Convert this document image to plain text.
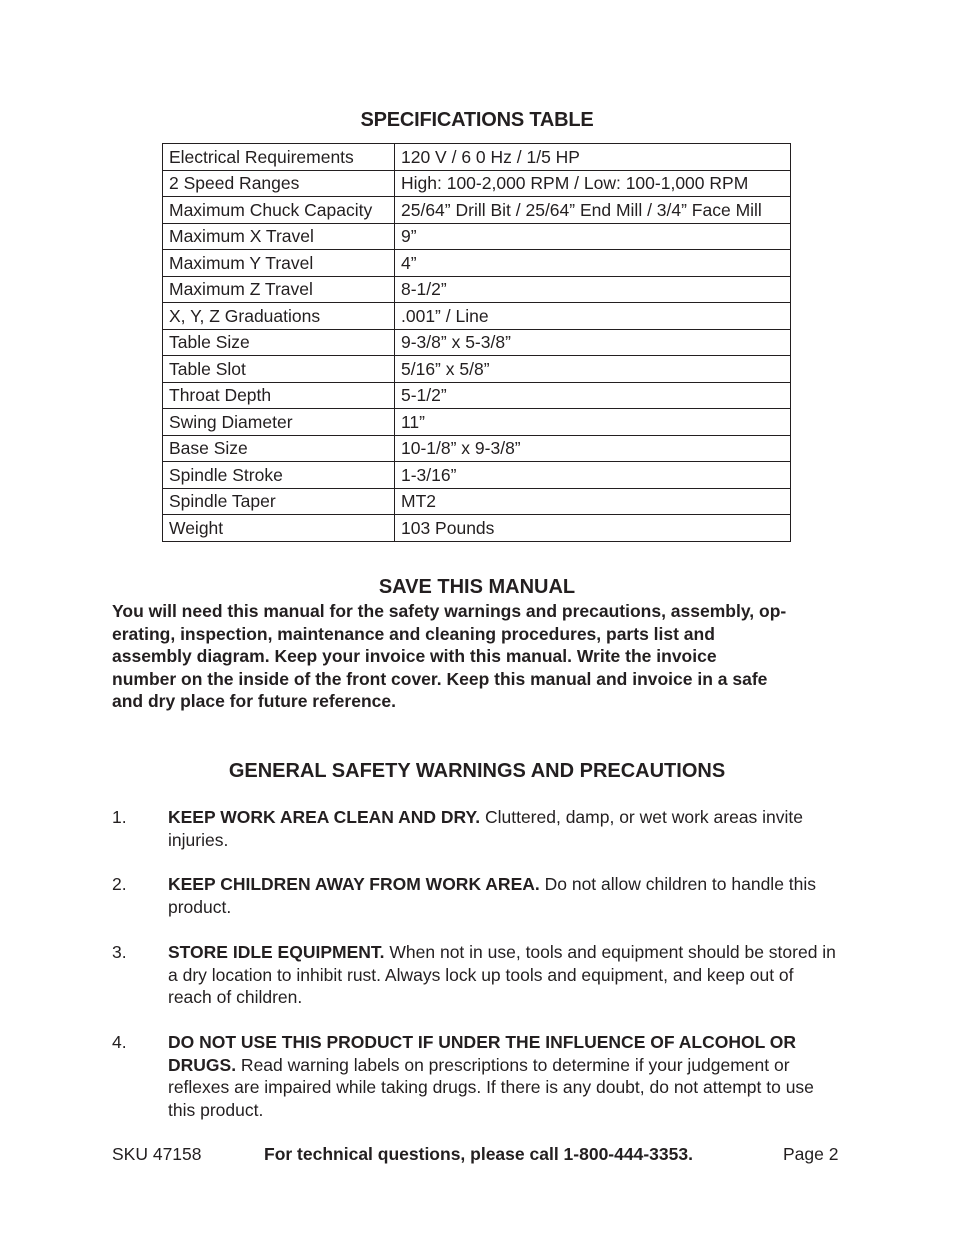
SPECIFICATIONS TABLE
Electrical Requirements	120 V / 6 0 Hz / 1/5 HP
2 Speed Ranges	High: 100-2,000 RPM / Low: 100-1,000 RPM
Maximum Chuck Capacity	25/64” Drill Bit / 25/64” End Mill / 3/4” Face Mill
Maximum X Travel	9”
Maximum Y Travel	4”
Maximum Z Travel	8-1/2”
X, Y, Z Graduations	.001” / Line
Table Size	9-3/8” x 5-3/8”
Table Slot	5/16” x 5/8”
Throat Depth	5-1/2”
Swing Diameter	11”
Base Size	10-1/8” x 9-3/8”
Spindle Stroke	1-3/16”
Spindle Taper	MT2
Weight	103 Pounds
SAVE THIS MANUAL
You will need this manual for the safety warnings and precautions, assembly, op-
erating, inspection, maintenance and cleaning procedures, parts list and
assembly diagram. Keep your invoice with this manual. Write the invoice
number on the inside of the front cover. Keep this manual and invoice in a safe
and dry place for future reference.
GENERAL SAFETY WARNINGS AND PRECAUTIONS
1. KEEP WORK AREA CLEAN AND DRY. Cluttered, damp, or wet work areas invite injuries.
2. KEEP CHILDREN AWAY FROM WORK AREA. Do not allow children to handle this product.
3. STORE IDLE EQUIPMENT. When not in use, tools and equipment should be stored in a dry location to inhibit rust. Always lock up tools and equipment, and keep out of reach of children.
4. DO NOT USE THIS PRODUCT IF UNDER THE INFLUENCE OF ALCOHOL OR DRUGS. Read warning labels on prescriptions to determine if your judgement or reflexes are impaired while taking drugs. If there is any doubt, do not attempt to use this product.
SKU 47158	For technical questions, please call 1-800-444-3353.	Page 2
